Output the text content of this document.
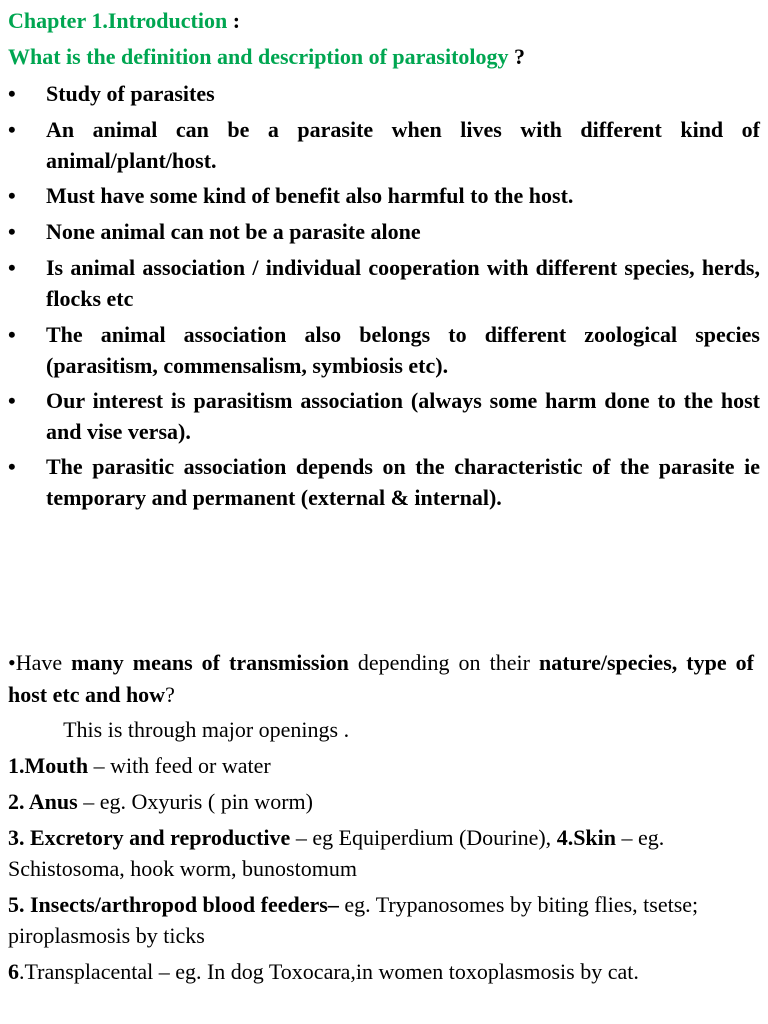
Chapter 1.Introduction :
What is the definition and description of parasitology ?
•	Study of parasites
•	An animal can be a parasite when lives with different kind of animal/plant/host.
•	Must have some kind of benefit also harmful to the host.
•	None animal can not be a parasite alone
•	Is animal association / individual cooperation with different species, herds, flocks etc
•	The animal association also belongs to different zoological species (parasitism, commensalism, symbiosis etc).
•	Our interest is parasitism association (always some harm done to the host and vise versa).
•	The parasitic association depends on the characteristic of the parasite ie temporary and permanent (external & internal).
•Have many means of transmission depending on their nature/species, type of host etc and how?
This is through major openings .
1.Mouth – with feed or water
2. Anus – eg. Oxyuris ( pin worm)
3. Excretory and reproductive – eg Equiperdium (Dourine), 4.Skin – eg. Schistosoma, hook worm, bunostomum
5. Insects/arthropod blood feeders– eg. Trypanosomes by biting flies, tsetse; piroplasmosis by ticks
6.Transplacental – eg. In dog Toxocara,in women toxoplasmosis by cat.
